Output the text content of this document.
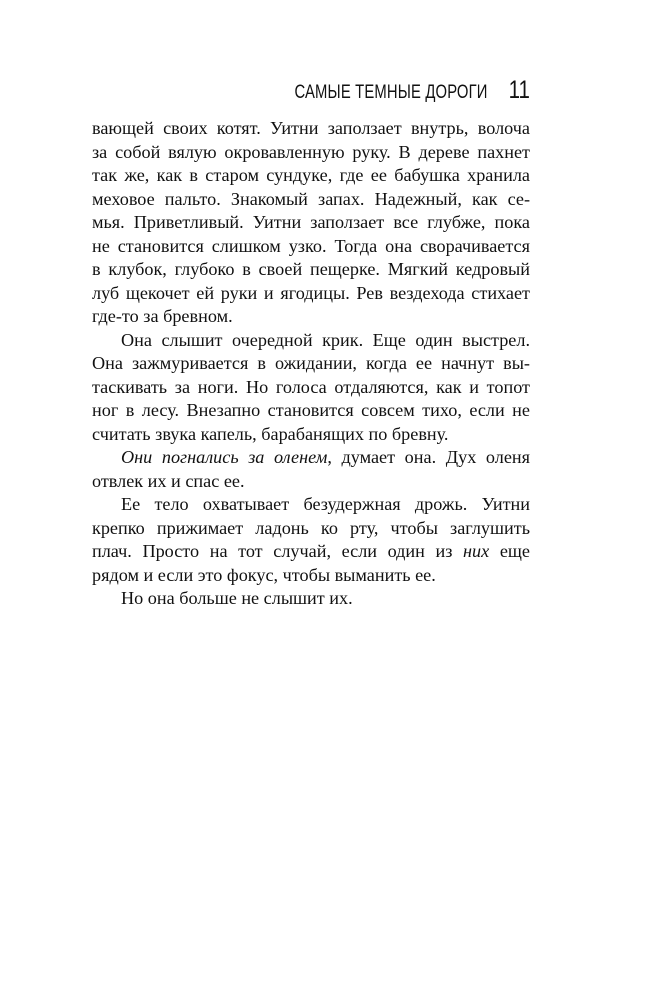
САМЫЕ ТЕМНЫЕ ДОРОГИ 11
вающей своих котят. Уитни заползает внутрь, волоча
за собой вялую окровавленную руку. В дереве пахнет
так же, как в старом сундуке, где ее бабушка хранила
меховое пальто. Знакомый запах. Надежный, как се-
мья. Приветливый. Уитни заползает все глубже, пока
не становится слишком узко. Тогда она сворачивается
в клубок, глубоко в своей пещерке. Мягкий кедровый
луб щекочет ей руки и ягодицы. Рев вездехода стихает
где-то за бревном.
Она слышит очередной крик. Еще один выстрел.
Она зажмуривается в ожидании, когда ее начнут вы-
таскивать за ноги. Но голоса отдаляются, как и топот
ног в лесу. Внезапно становится совсем тихо, если не
считать звука капель, барабанящих по бревну.
Они погнались за оленем, думает она. Дух оленя
отвлек их и спас ее.
Ее тело охватывает безудержная дрожь. Уитни
крепко прижимает ладонь ко рту, чтобы заглушить
плач. Просто на тот случай, если один из них еще
рядом и если это фокус, чтобы выманить ее.
Но она больше не слышит их.
